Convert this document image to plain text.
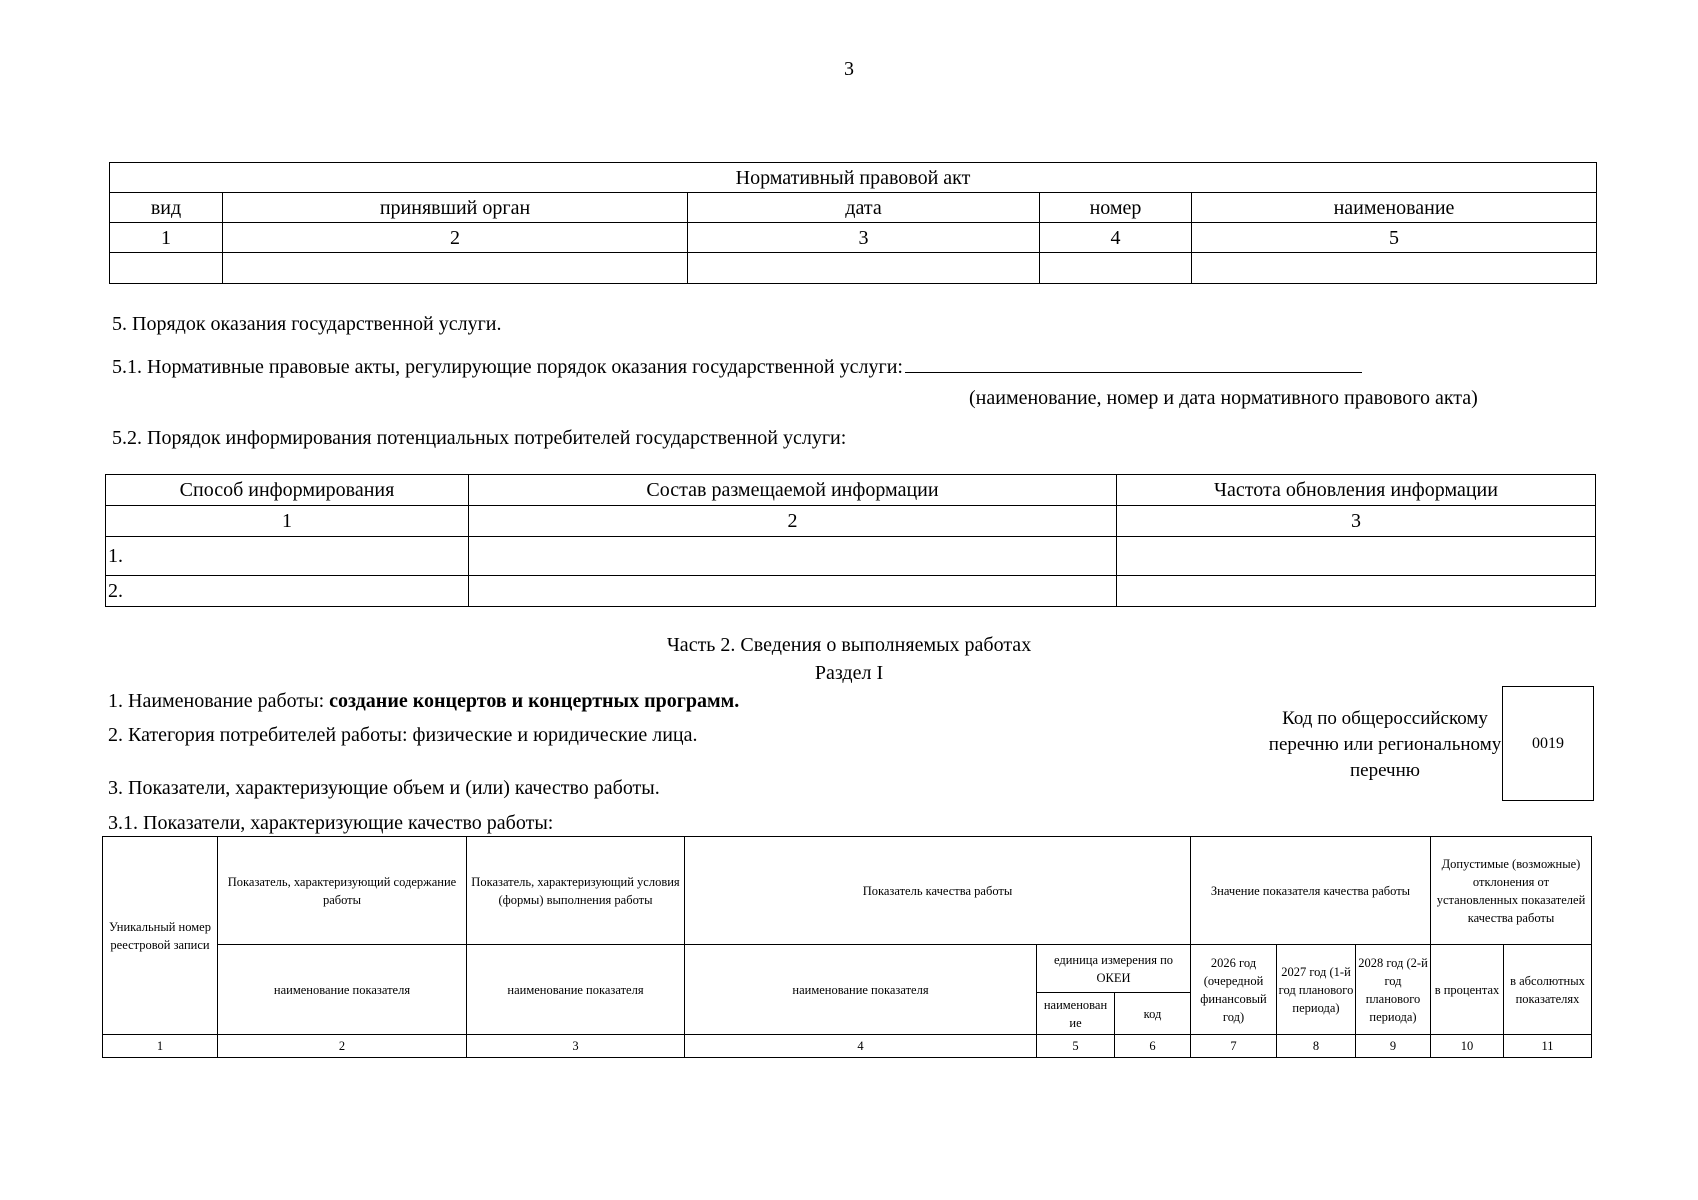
3
Нормативный правовой акт				
вид	принявший орган	дата	номер	наименование
1	2	3	4	5

5. Порядок оказания государственной услуги.
5.1. Нормативные правовые акты, регулирующие порядок оказания государственной услуги:
(наименование, номер и дата нормативного правового акта)
5.2. Порядок информирования потенциальных потребителей государственной услуги:
Способ информирования	Состав размещаемой информации	Частота обновления информации
1	2	3
1.		
2.		
Часть 2. Сведения о выполняемых работах
Раздел I
1. Наименование работы: создание концертов и концертных программ.
2. Категория потребителей работы: физические и юридические лица.
3. Показатели, характеризующие объем и (или) качество работы.
3.1. Показатели, характеризующие качество работы:
Код по общероссийскому перечню или региональному перечню
0019
Уникальный номер реестровой записи	Показатель, характеризующий содержание работы	Показатель, характеризующий условия (формы) выполнения работы	Показатель качества работы			Значение показателя качества работы			Допустимые (возможные) отклонения от установленных показателей качества работы	
	наименование показателя	наименование показателя	наименование показателя	единица измерения по ОКЕИ		2026 год (очередной финансовый год)	2027 год (1-й год планового периода)	2028 год (2-й год планового периода)	в процентах	в абсолютных показателях
				наименован ие	код					
1	2	3	4	5	6	7	8	9	10	11
